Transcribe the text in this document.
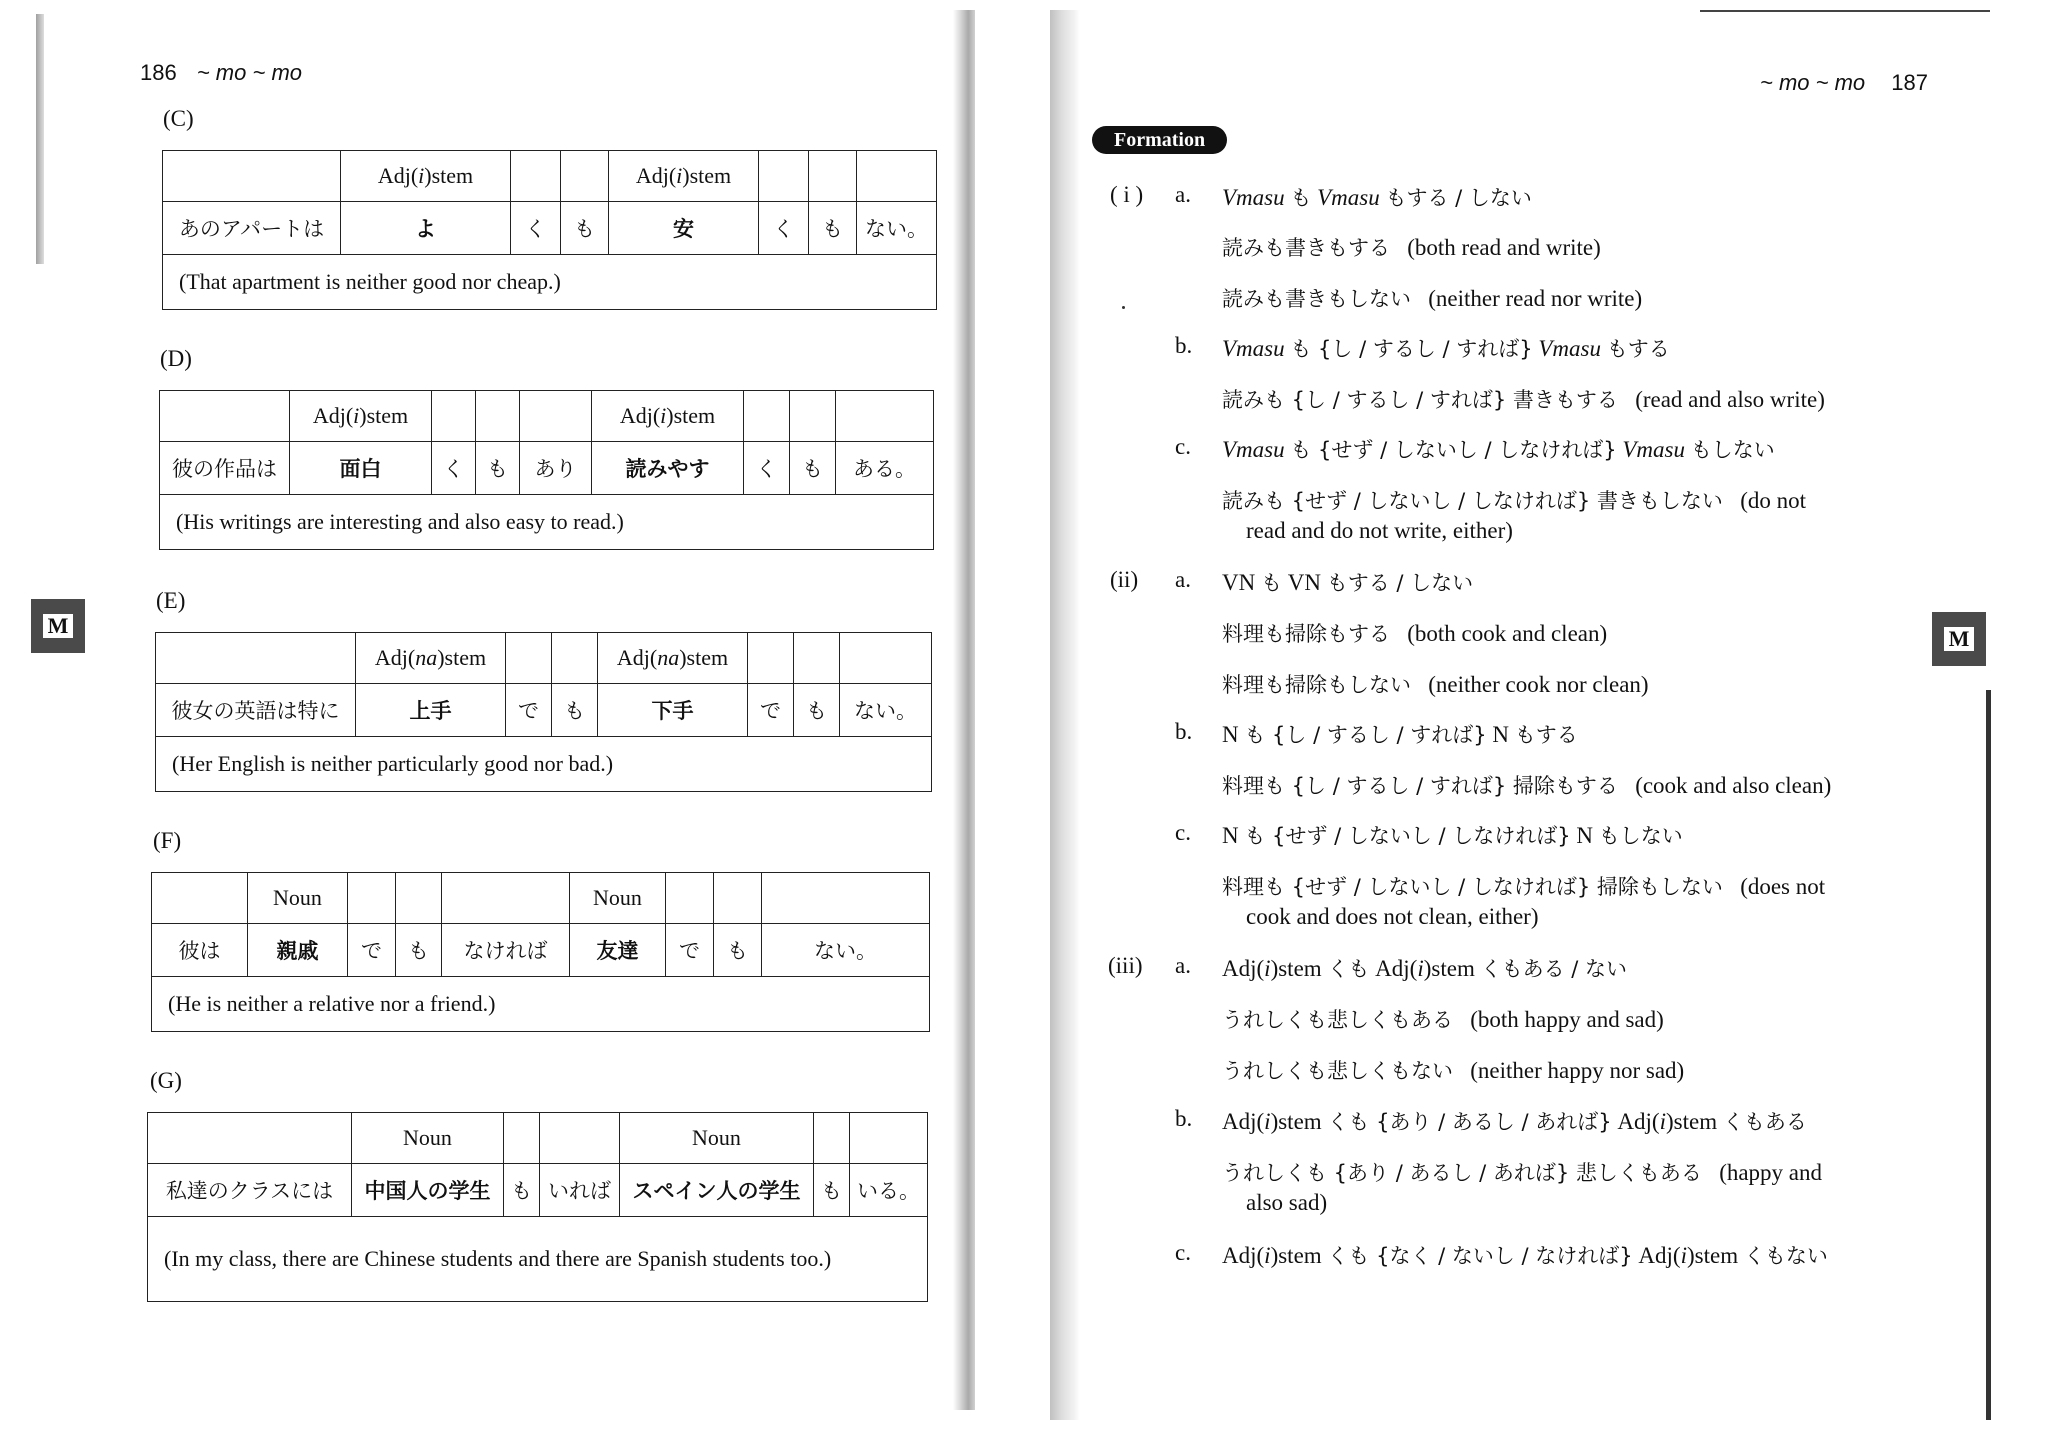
186 ~ mo ~ mo
(C)
	Adj(i)stem			Adj(i)stem			
あのアパートは	よ	く	も	安	く	も	ない。
(That apartment is neither good nor cheap.)							
(D)
	Adj(i)stem				Adj(i)stem			
彼の作品は	面白	く	も	あり	読みやす	く	も	ある。
(His writings are interesting and also easy to read.)								
(E)
	Adj(na)stem			Adj(na)stem			
彼女の英語は特に	上手	で	も	下手	で	も	ない。
(Her English is neither particularly good nor bad.)							
(F)
	Noun				Noun			
彼は	親戚	で	も	なければ	友達	で	も	ない。
(He is neither a relative nor a friend.)								
(G)
	Noun			Noun		
私達のクラスには	中国人の学生	も	いれば	スペイン人の学生	も	いる。
(In my class, there are Chinese students and there are Spanish students too.)						
M
~ mo ~ mo 187
Formation
M
( i ) a. Vmasu も Vmasu もする / しない
読みも書きもする (both read and write)
読みも書きもしない (neither read nor write)
b. Vmasu も {し / するし / すれば} Vmasu もする
読みも {し / するし / すれば} 書きもする (read and also write)
c. Vmasu も {せず / しないし / しなければ} Vmasu もしない
読みも {せず / しないし / しなければ} 書きもしない (do not
read and do not write, either)
(ii) a. VN も VN もする / しない
料理も掃除もする (both cook and clean)
料理も掃除もしない (neither cook nor clean)
b. N も {し / するし / すれば} N もする
料理も {し / するし / すれば} 掃除もする (cook and also clean)
c. N も {せず / しないし / しなければ} N もしない
料理も {せず / しないし / しなければ} 掃除もしない (does not
cook and does not clean, either)
(iii) a. Adj(i)stem くも Adj(i)stem くもある / ない
うれしくも悲しくもある (both happy and sad)
うれしくも悲しくもない (neither happy nor sad)
b. Adj(i)stem くも {あり / あるし / あれば} Adj(i)stem くもある
うれしくも {あり / あるし / あれば} 悲しくもある (happy and
also sad)
c. Adj(i)stem くも {なく / ないし / なければ} Adj(i)stem くもない
